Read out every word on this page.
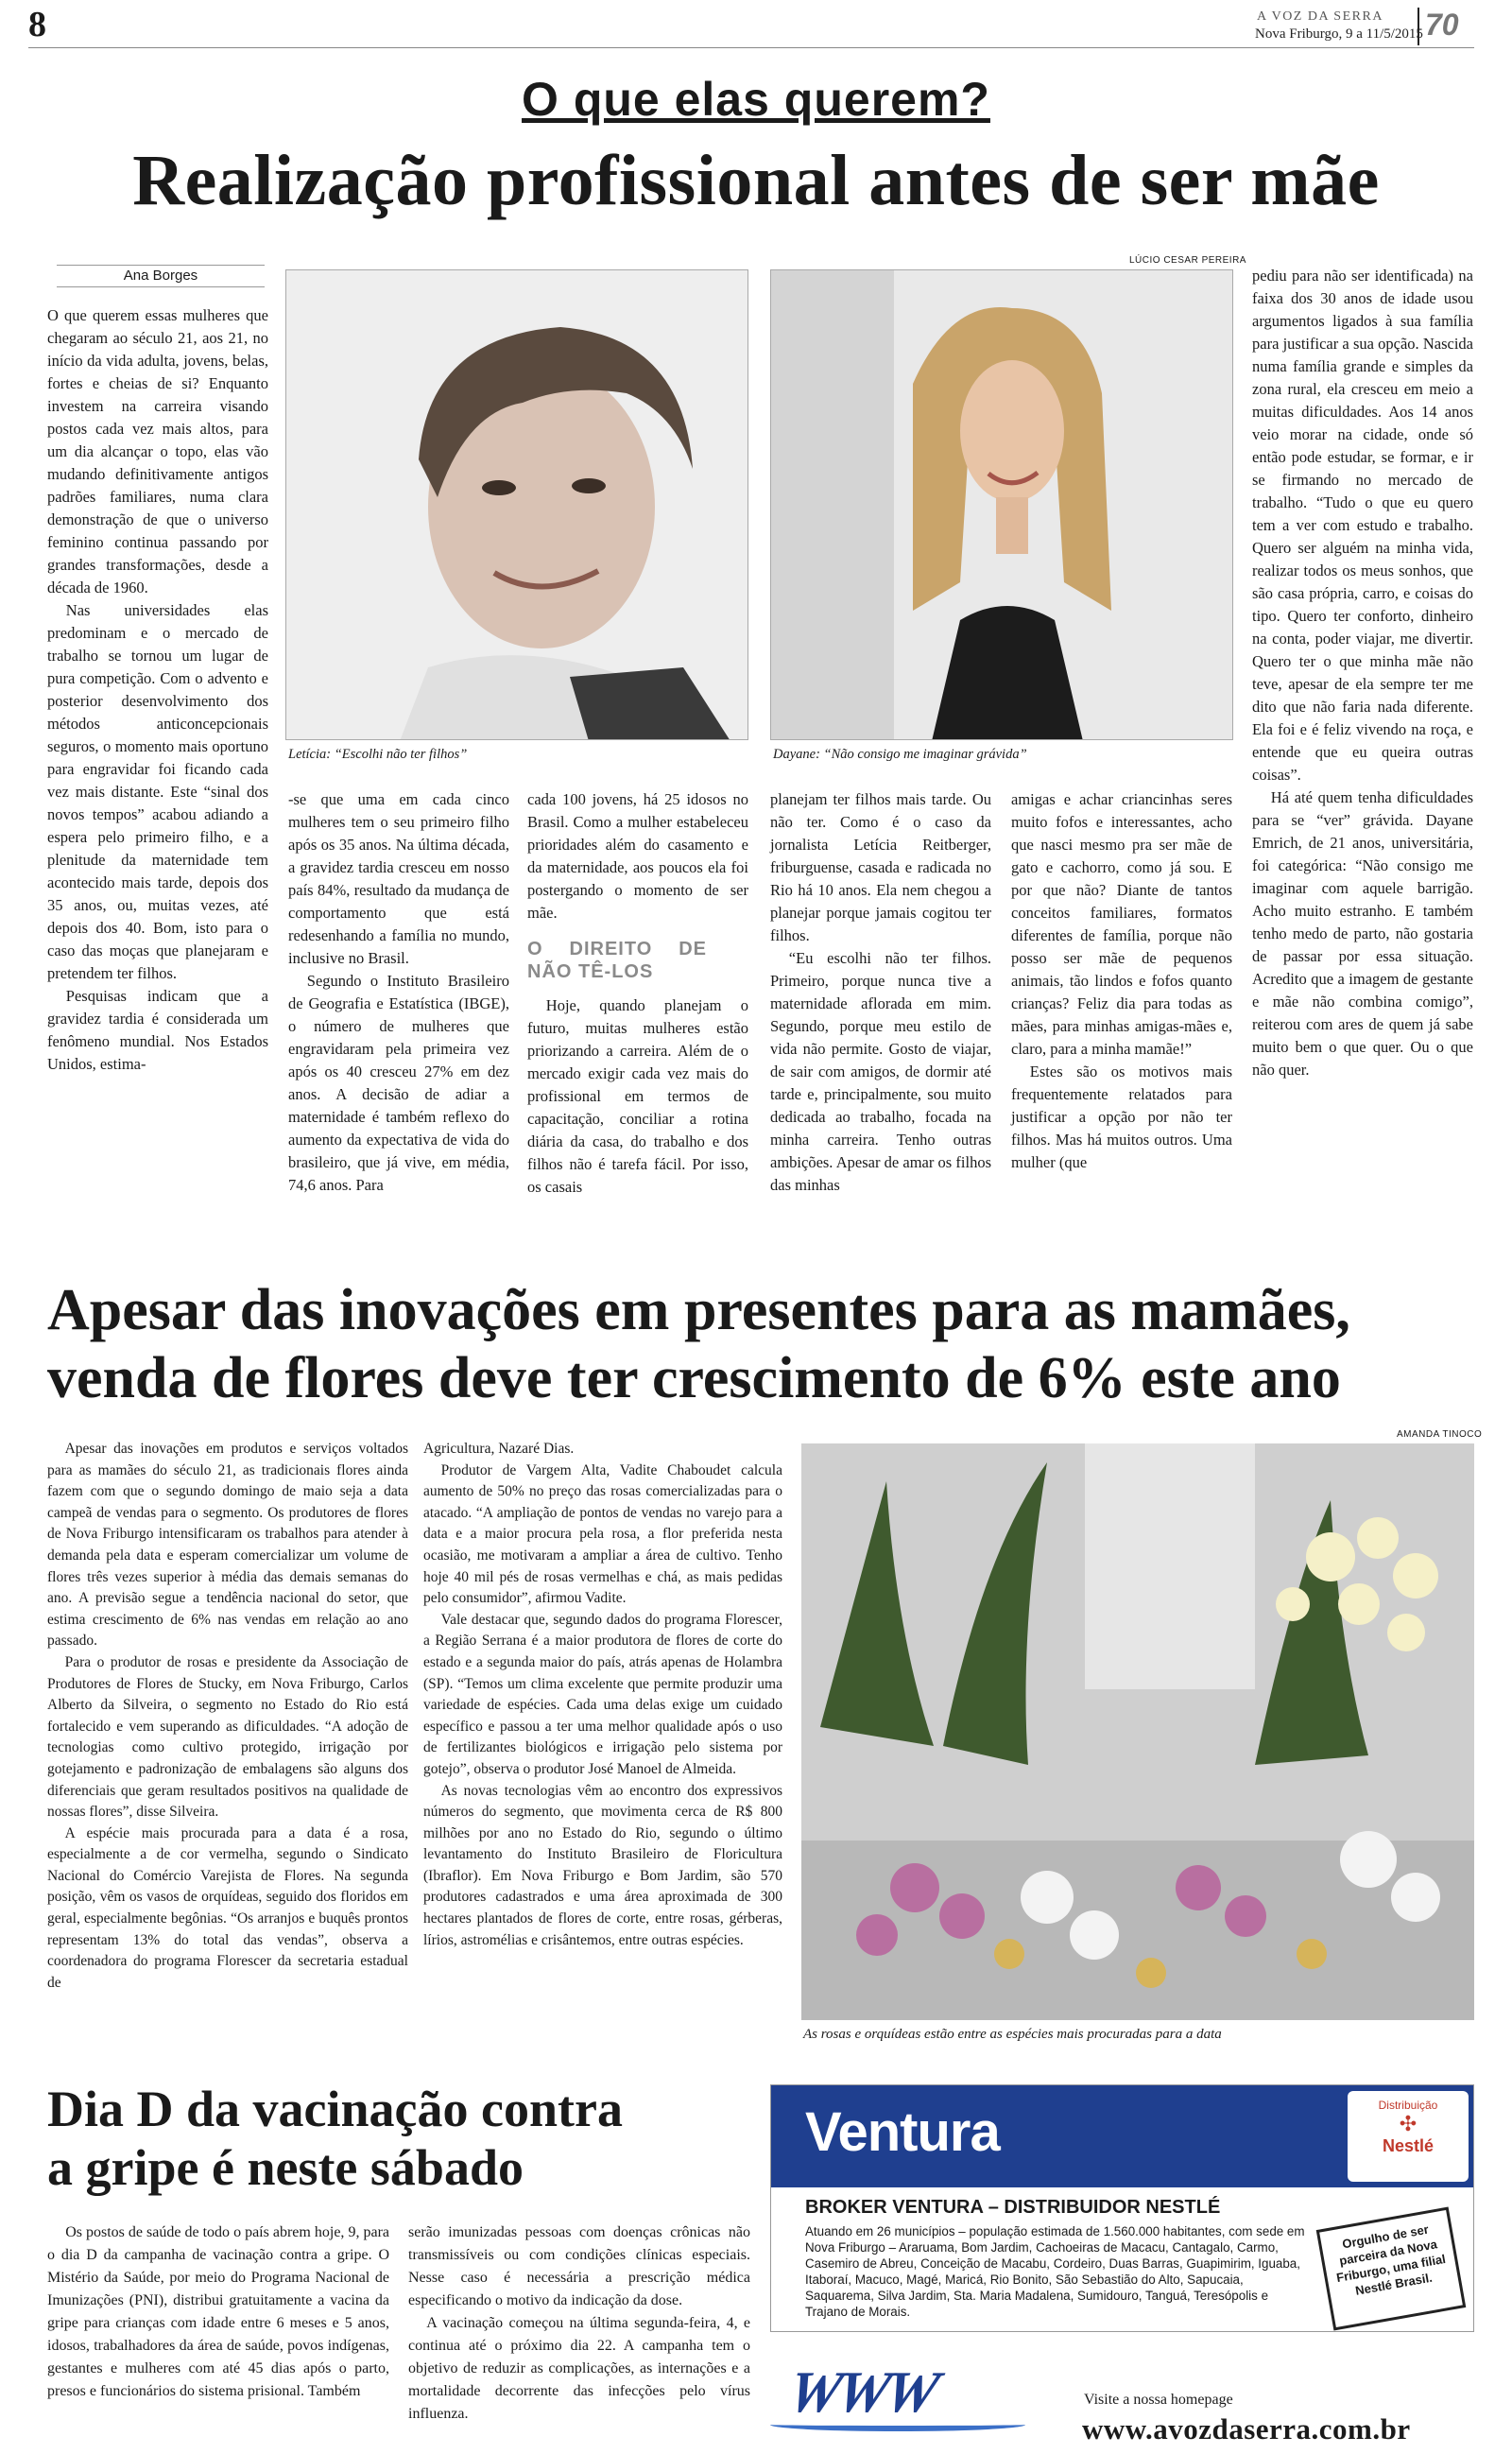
8	A VOZ DA SERRA
Nova Friburgo, 9 a 11/5/2015 70
O que elas querem?
Realização profissional antes de ser mãe
Ana Borges

O que querem essas mulheres que chegaram ao século 21, aos 21, no início da vida adulta, jovens, belas, fortes e cheias de si? Enquanto investem na carreira visando postos cada vez mais altos, para um dia alcançar o topo, elas vão mudando definitivamente antigos padrões familiares, numa clara demonstração de que o universo feminino continua passando por grandes transformações, desde a década de 1960.

Nas universidades elas predominam e o mercado de trabalho se tornou um lugar de pura competição. Com o advento e posterior desenvolvimento dos métodos anticoncepcionais seguros, o momento mais oportuno para engravidar foi ficando cada vez mais distante. Este “sinal dos novos tempos” acabou adiando a espera pelo primeiro filho, e a plenitude da maternidade tem acontecido mais tarde, depois dos 35 anos, ou, muitas vezes, até depois dos 40. Bom, isto para o caso das moças que planejaram e pretendem ter filhos.

Pesquisas indicam que a gravidez tardia é considerada um fenômeno mundial. Nos Estados Unidos, estima-

Letícia: “Escolhi não ter filhos”
LÚCIO CESAR PEREIRA
Dayane: “Não consigo me imaginar grávida”

-se que uma em cada cinco mulheres tem o seu primeiro filho após os 35 anos. Na última década, a gravidez tardia cresceu em nosso país 84%, resultado da mudança de comportamento que está redesenhando a família no mundo, inclusive no Brasil.

Segundo o Instituto Brasileiro de Geografia e Estatística (IBGE), o número de mulheres que engravidaram pela primeira vez após os 40 cresceu 27% em dez anos. A decisão de adiar a maternidade é também reflexo do aumento da expectativa de vida do brasileiro, que já vive, em média, 74,6 anos. Para

cada 100 jovens, há 25 idosos no Brasil. Como a mulher estabeleceu prioridades além do casamento e da maternidade, aos poucos ela foi postergando o momento de ser mãe.

O DIREITO DE NÃO TÊ-LOS

Hoje, quando planejam o futuro, muitas mulheres estão priorizando a carreira. Além de o mercado exigir cada vez mais do profissional em termos de capacitação, conciliar a rotina diária da casa, do trabalho e dos filhos não é tarefa fácil. Por isso, os casais

planejam ter filhos mais tarde. Ou não ter. Como é o caso da jornalista Letícia Reitberger, friburguense, casada e radicada no Rio há 10 anos. Ela nem chegou a planejar porque jamais cogitou ter filhos.

“Eu escolhi não ter filhos. Primeiro, porque nunca tive a maternidade aflorada em mim. Segundo, porque meu estilo de vida não permite. Gosto de viajar, de sair com amigos, de dormir até tarde e, principalmente, sou muito dedicada ao trabalho, focada na minha carreira. Tenho outras ambições. Apesar de amar os filhos das minhas

amigas e achar criancinhas seres muito fofos e interessantes, acho que nasci mesmo pra ser mãe de gato e cachorro, como já sou. E por que não? Diante de tantos conceitos familiares, formatos diferentes de família, porque não posso ser mãe de pequenos animais, tão lindos e fofos quanto crianças? Feliz dia para todas as mães, para minhas amigas-mães e, claro, para a minha mamãe!”

Estes são os motivos mais frequentemente relatados para justificar a opção por não ter filhos. Mas há muitos outros. Uma mulher (que

pediu para não ser identificada) na faixa dos 30 anos de idade usou argumentos ligados à sua família para justificar a sua opção. Nascida numa família grande e simples da zona rural, ela cresceu em meio a muitas dificuldades. Aos 14 anos veio morar na cidade, onde só então pode estudar, se formar, e ir se firmando no mercado de trabalho. “Tudo o que eu quero tem a ver com estudo e trabalho. Quero ser alguém na minha vida, realizar todos os meus sonhos, que são casa própria, carro, e coisas do tipo. Quero ter conforto, dinheiro na conta, poder viajar, me divertir. Quero ter o que minha mãe não teve, apesar de ela sempre ter me dito que não faria nada diferente. Ela foi e é feliz vivendo na roça, e entende que eu queira outras coisas”.

Há até quem tenha dificuldades para se “ver” grávida. Dayane Emrich, de 21 anos, universitária, foi categórica: “Não consigo me imaginar com aquele barrigão. Acho muito estranho. E também tenho medo de parto, não gostaria de passar por essa situação. Acredito que a imagem de gestante e mãe não combina comigo”, reiterou com ares de quem já sabe muito bem o que quer. Ou o que não quer.

Apesar das inovações em presentes para as mamães,
venda de flores deve ter crescimento de 6% este ano

Apesar das inovações em produtos e serviços voltados para as mamães do século 21, as tradicionais flores ainda fazem com que o segundo domingo de maio seja a data campeã de vendas para o segmento. Os produtores de flores de Nova Friburgo intensificaram os trabalhos para atender à demanda pela data e esperam comercializar um volume de flores três vezes superior à média das demais semanas do ano. A previsão segue a tendência nacional do setor, que estima crescimento de 6% nas vendas em relação ao ano passado.

Para o produtor de rosas e presidente da Associação de Produtores de Flores de Stucky, em Nova Friburgo, Carlos Alberto da Silveira, o segmento no Estado do Rio está fortalecido e vem superando as dificuldades. “A adoção de tecnologias como cultivo protegido, irrigação por gotejamento e padronização de embalagens são alguns dos diferenciais que geram resultados positivos na qualidade de nossas flores”, disse Silveira.

A espécie mais procurada para a data é a rosa, especialmente a de cor vermelha, segundo o Sindicato Nacional do Comércio Varejista de Flores. Na segunda posição, vêm os vasos de orquídeas, seguido dos floridos em geral, especialmente begônias. “Os arranjos e buquês prontos representam 13% do total das vendas”, observa a coordenadora do programa Florescer da secretaria estadual de

Agricultura, Nazaré Dias.

Produtor de Vargem Alta, Vadite Chaboudet calcula aumento de 50% no preço das rosas comercializadas para o atacado. “A ampliação de pontos de vendas no varejo para a data e a maior procura pela rosa, a flor preferida nesta ocasião, me motivaram a ampliar a área de cultivo. Tenho hoje 40 mil pés de rosas vermelhas e chá, as mais pedidas pelo consumidor”, afirmou Vadite.

Vale destacar que, segundo dados do programa Florescer, a Região Serrana é a maior produtora de flores de corte do estado e a segunda maior do país, atrás apenas de Holambra (SP). “Temos um clima excelente que permite produzir uma variedade de espécies. Cada uma delas exige um cuidado específico e passou a ter uma melhor qualidade após o uso de fertilizantes biológicos e irrigação pelo sistema por gotejo”, observa o produtor José Manoel de Almeida.

As novas tecnologias vêm ao encontro dos expressivos números do segmento, que movimenta cerca de R$ 800 milhões por ano no Estado do Rio, segundo o último levantamento do Instituto Brasileiro de Floricultura (Ibraflor). Em Nova Friburgo e Bom Jardim, são 570 produtores cadastrados e uma área aproximada de 300 hectares plantados de flores de corte, entre rosas, gérberas, lírios, astromélias e crisântemos, entre outras espécies.

AMANDA TINOCO
As rosas e orquídeas estão entre as espécies mais procuradas para a data
Dia D da vacinação contra
a gripe é neste sábado

Os postos de saúde de todo o país abrem hoje, 9, para o dia D da campanha de vacinação contra a gripe. O Mistério da Saúde, por meio do Programa Nacional de Imunizações (PNI), distribui gratuitamente a vacina da gripe para crianças com idade entre 6 meses e 5 anos, idosos, trabalhadores da área de saúde, povos indígenas, gestantes e mulheres com até 45 dias após o parto, presos e funcionários do sistema prisional. Também

serão imunizadas pessoas com doenças crônicas não transmissíveis ou com condições clínicas especiais. Nesse caso é necessária a prescrição médica especificando o motivo da indicação da dose.

A vacinação começou na última segunda-feira, 4, e continua até o próximo dia 22. A campanha tem o objetivo de reduzir as complicações, as internações e a mortalidade decorrente das infecções pelo vírus influenza.

Ventura	Distribuição
✣
Nestlé
BROKER VENTURA – DISTRIBUIDOR NESTLÉ
Atuando em 26 municípios – população estimada de 1.560.000 habitantes, com sede em Nova Friburgo – Araruama, Bom Jardim, Cachoeiras de Macacu, Cantagalo, Carmo, Casemiro de Abreu, Conceição de Macabu, Cordeiro, Duas Barras, Guapimirim, Iguaba, Itaboraí, Macuco, Magé, Maricá, Rio Bonito, São Sebastião do Alto, Sapucaia, Saquarema, Silva Jardim, Sta. Maria Madalena, Sumidouro, Tanguá, Teresópolis e Trajano de Morais.
Orgulho de ser parceira da Nova Friburgo, uma filial Nestlé Brasil.
WWW	Visite a nossa homepage
www.avozdaserra.com.br
